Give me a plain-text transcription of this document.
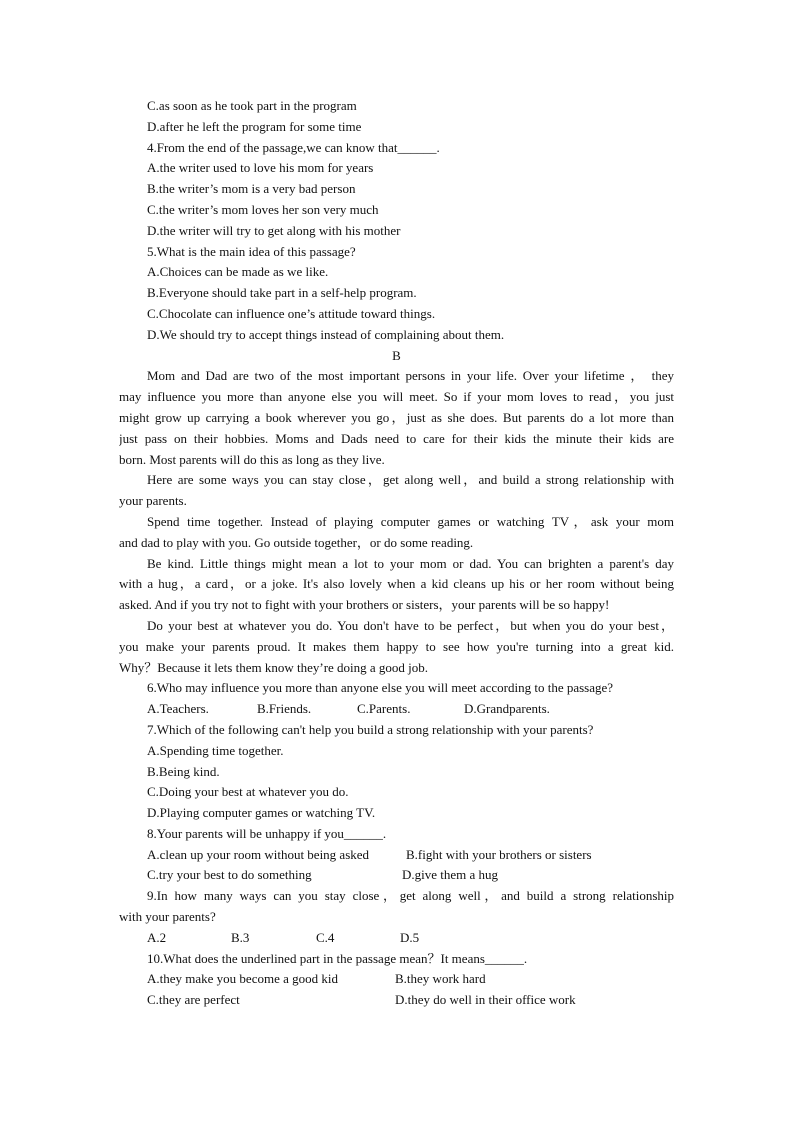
C.as soon as he took part in the program
D.after he left the program for some time
4.From the end of the passage,we can know that______.
A.the writer used to love his mom for years
B.the writer’s mom is a very bad person
C.the writer’s mom loves her son very much
D.the writer will try to get along with his mother
5.What is the main idea of this passage?
A.Choices can be made as we like.
B.Everyone should take part in a self-help program.
C.Chocolate can influence one’s attitude toward things.
D.We should try to accept things instead of complaining about them.
B
Mom and Dad are two of the most important persons in your life. Over your lifetime ， they
may influence you more than anyone else you will meet. So if your mom loves to read，you just
might grow up carrying a book wherever you go，just as she does. But parents do a lot more than
just pass on their hobbies. Moms and Dads need to care for their kids the minute their kids are
born. Most parents will do this as long as they live.
Here are some ways you can stay close，get along well，and build a strong relationship with
your parents.
Spend time together. Instead of playing computer games or watching TV，ask your mom
and dad to play with you. Go outside together，or do some reading.
Be kind. Little things might mean a lot to your mom or dad. You can brighten a parent's day
with a hug，a card，or a joke. It's also lovely when a kid cleans up his or her room without being
asked. And if you try not to fight with your brothers or sisters，your parents will be so happy!
Do your best at whatever you do. You don't have to be perfect，but when you do your best，
you make your parents proud. It makes them happy to see how you're turning into a great kid.
Why？Because it lets them know they’re doing a good job.
6.Who may influence you more than anyone else you will meet according to the passage?
A.Teachers.	B.Friends.	C.Parents.	D.Grandparents.
7.Which of the following can't help you build a strong relationship with your parents?
A.Spending time together.
B.Being kind.
C.Doing your best at whatever you do.
D.Playing computer games or watching TV.
8.Your parents will be unhappy if you______.
A.clean up your room without being asked	B.fight with your brothers or sisters
C.try your best to do something	D.give them a hug
9.In how many ways can you stay close，get along well，and build a strong relationship
with your parents?
A.2	B.3	C.4	D.5
10.What does the underlined part in the passage mean？It means______.
A.they make you become a good kid	B.they work hard
C.they are perfect	D.they do well in their office work
